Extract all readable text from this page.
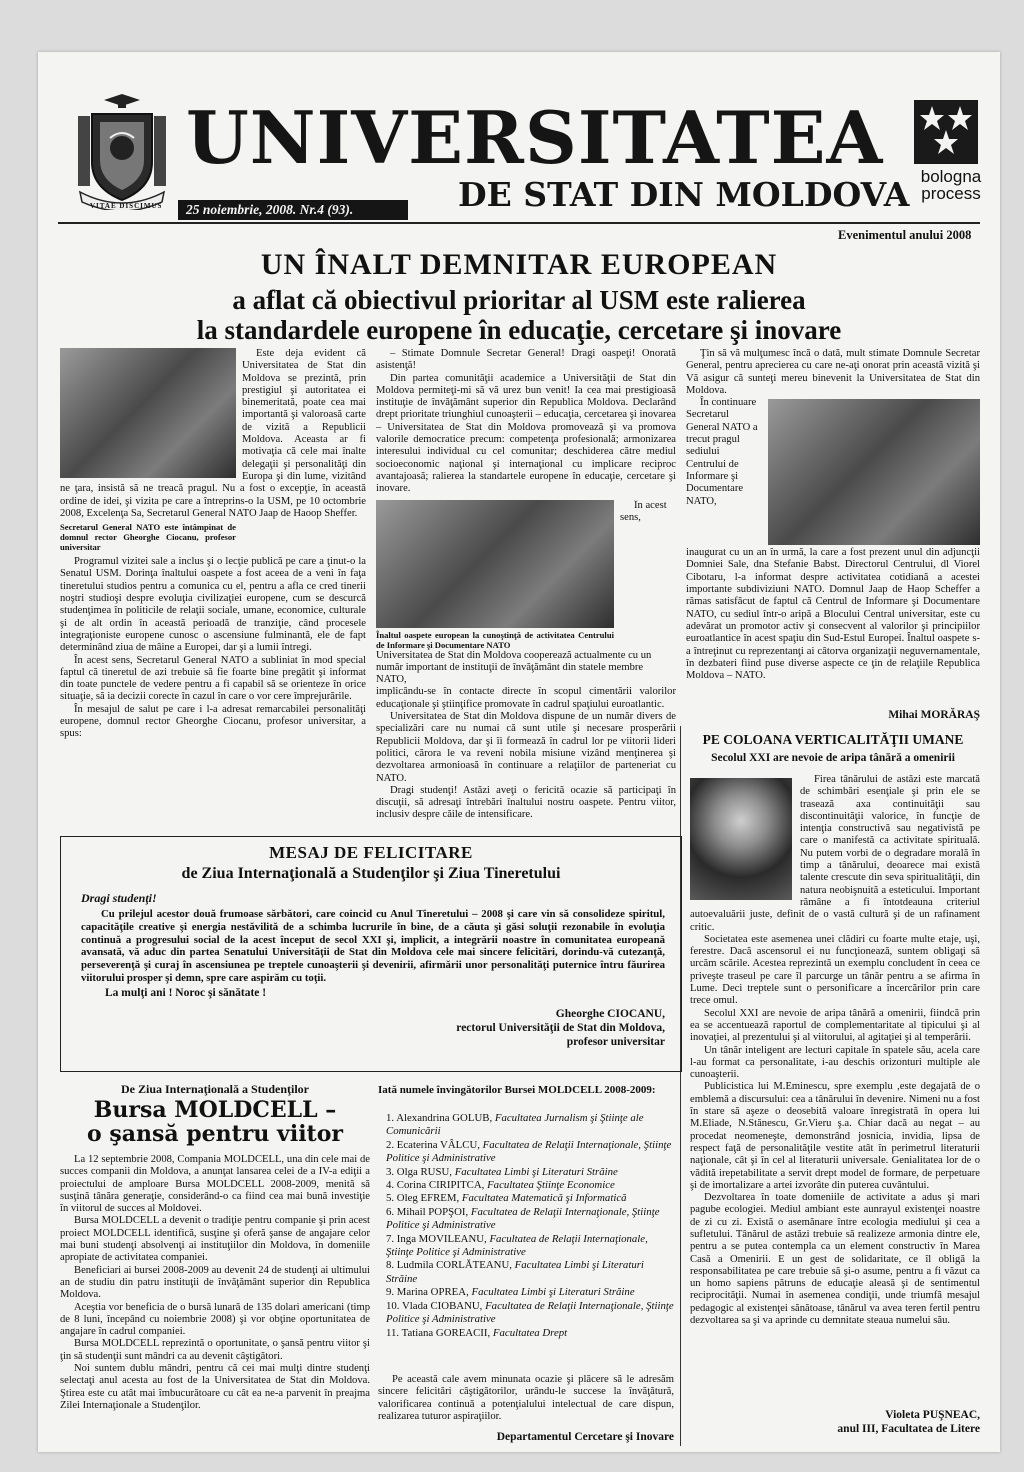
VITAE DISCIMUS
UNIVERSITATEA
DE STAT DIN MOLDOVA
25 noiembrie, 2008. Nr.4 (93).
bologna
process
Evenimentul anului 2008
UN ÎNALT DEMNITAR EUROPEAN
a aflat că obiectivul prioritar al USM este ralierea
la standardele europene în educaţie, cercetare şi inovare

Este deja evident că Universitatea de Stat din Moldova se prezintă, prin prestigiul şi autoritatea ei binemeritată, poate cea mai importantă şi valoroasă carte de vizită a Republicii Moldova. Aceasta ar fi motivaţia că cele mai înalte delegaţii şi personalităţi din Europa şi din lume, vizitând ne ţara, insistă să ne treacă pragul. Nu a fost o excepţie, în această ordine de idei, şi vizita pe care a întreprins-o la USM, pe 10 octombrie 2008, Excelenţa Sa, Secretarul General NATO Jaap de Haoop Sheffer.

Secretarul General NATO este întâmpinat de domnul rector Gheorghe Ciocanu, profesor universitar

Programul vizitei sale a inclus şi o lecţie publică pe care a ţinut-o la Senatul USM. Dorinţa înaltului oaspete a fost aceea de a veni în faţa tineretului studios pentru a comunica cu el, pentru a afla ce cred tinerii noştri studioşi despre evoluţia civilizaţiei europene, cum se descurcă studenţimea în politicile de relaţii sociale, umane, economice, culturale şi de alt ordin în această perioadă de tranziţie, când procesele integraţioniste europene cunosc o ascensiune fulminantă, ele de fapt determinând ziua de mâine a Europei, dar şi a lumii întregi.

În acest sens, Secretarul General NATO a subliniat în mod special faptul că tineretul de azi trebuie să fie foarte bine pregătit şi informat din toate punctele de vedere pentru a fi capabil să se orienteze în orice situaţie, să ia decizii corecte în cazul în care o vor cere împrejurările.

În mesajul de salut pe care i l-a adresat remarcabilei personalităţi europene, domnul rector Gheorghe Ciocanu, profesor universitar, a spus:

– Stimate Domnule Secretar General! Dragi oaspeţi! Onorată asistenţă!

Din partea comunităţii academice a Universităţii de Stat din Moldova permiteţi-mi să vă urez bun venit! Ia cea mai prestigioasă instituţie de învăţământ superior din Republica Moldova. Declarând drept prioritate triunghiul cunoaşterii – educaţia, cercetarea şi inovarea – Universitatea de Stat din Moldova promovează şi va promova valorile democratice precum: competenţa profesională; armonizarea interesului individual cu cel comunitar; deschiderea către mediul socioeconomic naţional şi internaţional cu implicare reciproc avantajoasă; ralierea la standartele europene în educaţie, cercetare şi inovare.

Înaltul oaspete european la cunoştinţă de activitatea Centrului de Informare şi Documentare NATO

În acest sens, Universitatea de Stat din Moldova cooperează actualmente cu un număr important de instituţii de învăţământ din statele membre NATO,

implicându-se în contacte directe în scopul cimentării valorilor educaţionale şi ştiinţifice promovate în cadrul spaţiului euroatlantic.

Universitatea de Stat din Moldova dispune de un număr divers de specializări care nu numai că sunt utile şi necesare prosperării Republicii Moldova, dar şi îi formează în cadrul lor pe viitorii lideri politici, cărora le va reveni nobila misiune vizând menţinerea şi dezvoltarea armonioasă în continuare a relaţiilor de parteneriat cu NATO.

Dragi studenţi! Astăzi aveţi o fericită ocazie să participaţi în discuţii, să adresaţi întrebări înaltului nostru oaspete. Pentru viitor, inclusiv despre căile de intensificare.

Ţin să vă mulţumesc încă o dată, mult stimate Domnule Secretar General, pentru aprecierea cu care ne-aţi onorat prin această vizită şi Vă asigur că sunteţi mereu binevenit la Universitatea de Stat din Moldova.

În continuare Secretarul General NATO a trecut pragul sediului Centrului de Informare şi Documentare NATO,

inaugurat cu un an în urmă, la care a fost prezent unul din adjuncţii Domniei Sale, dna Stefanie Babst. Directorul Centrului, dl Viorel Cibotaru, l-a informat despre activitatea cotidiană a acestei importante subdiviziuni NATO. Domnul Jaap de Haop Scheffer a rămas satisfăcut de faptul că Centrul de Informare şi Documentare NATO, cu sediul într-o aripă a Blocului Central universitar, este cu adevărat un promotor activ şi consecvent al valorilor şi principiilor euroatlantice în acest spaţiu din Sud-Estul Europei. Înaltul oaspete s-a întreţinut cu reprezentanţi ai câtorva organizaţii neguvernamentale, în dezbateri fiind puse diverse aspecte ce ţin de relaţiile Republica Moldova – NATO.

Mihai MORĂRAŞ
PE COLOANA VERTICALITĂŢII UMANE
Secolul XXI are nevoie de aripa tânără a omenirii

Firea tânărului de astăzi este marcată de schimbări esenţiale şi prin ele se trasează axa continuităţii sau discontinuităţii valorice, în funcţie de intenţia constructivă sau negativistă pe care o manifestă ca activitate spirituală. Nu putem vorbi de o degradare morală în timp a tânărului, deoarece mai există talente crescute din seva spiritualităţii, din natura neobişnuită a esteticului. Important rămâne a fi întotdeauna criteriul autoevaluării juste, definit de o vastă cultură şi de un rafinament critic.

Societatea este asemenea unei clădiri cu foarte multe etaje, uşi, ferestre. Dacă ascensorul ei nu funcţionează, suntem obligaţi să urcăm scările. Acestea reprezintă un exemplu concludent în ceea ce priveşte traseul pe care îl parcurge un tânăr pentru a se afirma în Lume. Deci treptele sunt o personificare a încercărilor prin care trece omul.

Secolul XXI are nevoie de aripa tânără a omenirii, fiindcă prin ea se accentuează raportul de complementaritate al tipicului şi al inovaţiei, al prezentului şi al viitorului, al agitaţiei şi al temperării.

Un tânăr inteligent are lecturi capitale în spatele său, acela care l-au format ca personalitate, i-au deschis orizonturi multiple ale cunoaşterii.

Publicistica lui M.Eminescu, spre exemplu ,este degajată de o emblemă a discursului: cea a tânărului în devenire. Nimeni nu a fost în stare să aşeze o deosebită valoare înregistrată în opera lui M.Eliade, N.Stănescu, Gr.Vieru ş.a. Chiar dacă au negat – au procedat neomeneşte, demonstrând josnicia, invidia, lipsa de respect faţă de personalităţile vestite atât în perimetrul literaturii naţionale, cât şi în cel al literaturii universale. Genialitatea lor de o vădită irepetabilitate a servit drept model de formare, de perpetuare şi de imortalizare a artei izvorâte din puterea cuvântului.

Dezvoltarea în toate domeniile de activitate a adus şi mari pagube ecologiei. Mediul ambiant este aunrayul existenţei noastre de zi cu zi. Există o asemănare între ecologia mediului şi cea a sufletului. Tânărul de astăzi trebuie să realizeze armonia dintre ele, pentru a se putea contempla ca un element constructiv în Marea Casă a Omenirii. E un gest de solidaritate, ce îl obligă la responsabilitatea pe care trebuie să şi-o asume, pentru a fi văzut ca un homo sapiens pătruns de educaţie aleasă şi de sentimentul reciprocităţii. Numai în asemenea condiţii, unde triumfă mesajul pedagogic al existenţei sănătoase, tânărul va avea teren fertil pentru dezvoltarea sa şi va aprinde cu demnitate steaua numelui său.

Violeta PUŞNEAC,
anul III, Facultatea de Litere
MESAJ DE FELICITARE
de Ziua Internaţională a Studenţilor şi Ziua Tineretului
Dragi studenţi!
Cu prilejul acestor două frumoase sărbători, care coincid cu Anul Tineretului – 2008 şi care vin să consolideze spiritul, capacităţile creative şi energia nestăvilită de a schimba lucrurile în bine, de a căuta şi găsi soluţii rezonabile în evoluţia continuă a progresului social de la acest început de secol XXI şi, implicit, a integrării noastre în comunitatea europeană avansată, vă aduc din partea Senatului Universităţii de Stat din Moldova cele mai sincere felicitări, dorindu-vă cutezanţă, perseverenţă şi curaj în ascensiunea pe treptele cunoaşterii şi devenirii, afirmării unor personalităţi puternice întru făurirea viitorului prosper şi demn, spre care aspirăm cu toţii.
La mulţi ani ! Noroc şi sănătate !
Gheorghe CIOCANU,
rectorul Universităţii de Stat din Moldova,
profesor universitar
De Ziua Internaţională a Studenţilor
Bursa MOLDCELL –
o şansă pentru viitor

La 12 septembrie 2008, Compania MOLDCELL, una din cele mai de succes companii din Moldova, a anunţat lansarea celei de a IV-a ediţii a proiectului de amploare Bursa MOLDCELL 2008-2009, menită să susţină tânăra generaţie, considerând-o ca fiind cea mai bună investiţie în viitorul de succes al Moldovei.

Bursa MOLDCELL a devenit o tradiţie pentru companie şi prin acest proiect MOLDCELL identifică, susţine şi oferă şanse de angajare celor mai buni studenţi absolvenţi ai instituţiilor din Moldova, în domeniile apropiate de activitatea companiei.

Beneficiari ai bursei 2008-2009 au devenit 24 de studenţi ai ultimului an de studiu din patru instituţii de învăţământ superior din Republica Moldova.

Aceştia vor beneficia de o bursă lunară de 135 dolari americani (timp de 8 luni, începând cu noiembrie 2008) şi vor obţine oportunitatea de angajare în cadrul companiei.

Bursa MOLDCELL reprezintă o oportunitate, o şansă pentru viitor şi ţin să studenţii sunt mândri ca au devenit câştigători.

Noi suntem dublu mândri, pentru că cei mai mulţi dintre studenţi selectaţi anul acesta au fost de la Universitatea de Stat din Moldova. Ştirea este cu atât mai îmbucurătoare cu cât ea ne-a parvenit în preajma Zilei Internaţionale a Studenţilor.

Iată numele învingătorilor Bursei MOLDCELL 2008-2009:
1. Alexandrina GOLUB, Facultatea Jurnalism şi Ştiinţe ale Comunicării
2. Ecaterina VÂLCU, Facultatea de Relaţii Internaţionale, Ştiinţe Politice şi Administrative
3. Olga RUSU, Facultatea Limbi şi Literaturi Străine
4. Corina CIRIPITCA, Facultatea Ştiinţe Economice
5. Oleg EFREM, Facultatea Matematică şi Informatică
6. Mihail POPŞOI, Facultatea de Relaţii Internaţionale, Ştiinţe Politice şi Administrative
7. Inga MOVILEANU, Facultatea de Relaţii Internaţionale, Ştiinţe Politice şi Administrative
8. Ludmila CORLĂTEANU, Facultatea Limbi şi Literaturi Străine
9. Marina OPREA, Facultatea Limbi şi Literaturi Străine
10. Vlada CIOBANU, Facultatea de Relaţii Internaţionale, Ştiinţe Politice şi Administrative
11. Tatiana GOREACII, Facultatea Drept

Pe această cale avem minunata ocazie şi plăcere să le adresăm sincere felicitări câştigătorilor, urându-le succese la învăţătură, valorificarea continuă a potenţialului intelectual de care dispun, realizarea tuturor aspiraţiilor.

Departamentul Cercetare şi Inovare
